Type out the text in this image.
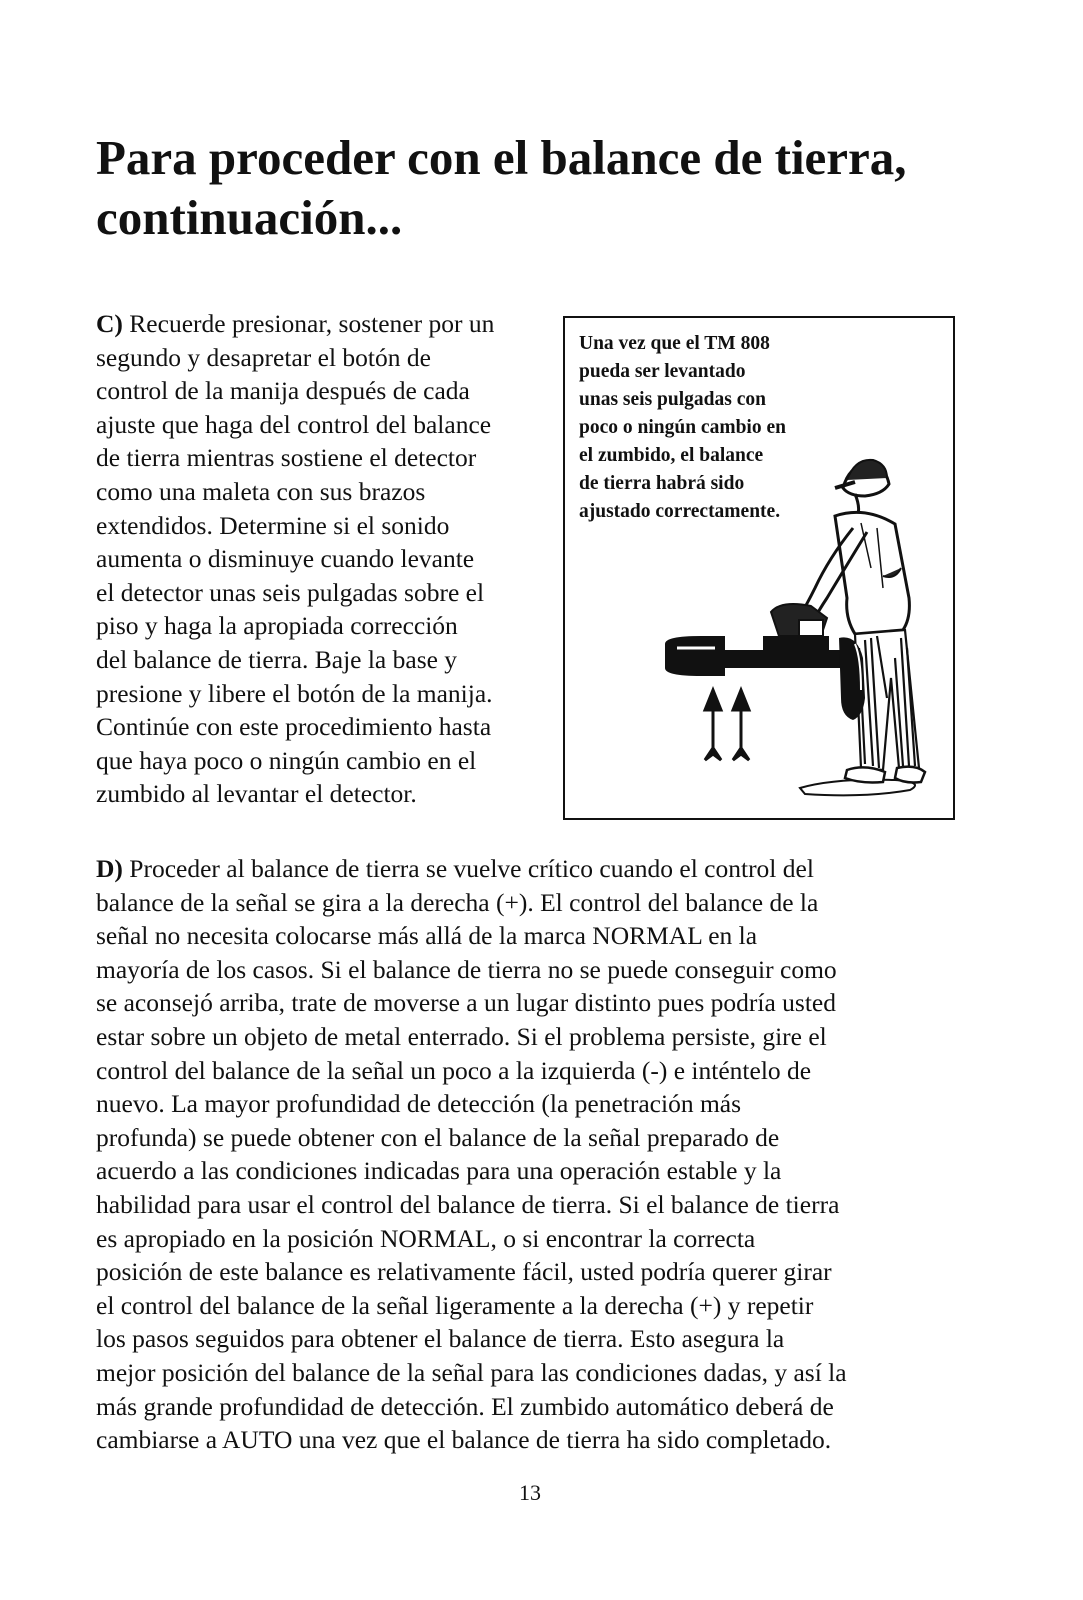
Para proceder con el balance de tierra,
continuación...
C) Recuerde presionar, sostener por un
segundo y desapretar el botón de
control de la manija después de cada
ajuste que haga del control del balance
de tierra mientras sostiene el detector
como una maleta con sus brazos
extendidos. Determine si el sonido
aumenta o disminuye cuando levante
el detector unas seis pulgadas sobre el
piso y haga la apropiada corrección
del balance de tierra. Baje la base y
presione y libere el botón de la manija.
Continúe con este procedimiento hasta
que haya poco o ningún cambio en el
zumbido al levantar el detector.
Una vez que el TM 808
pueda ser levantado
unas seis pulgadas con
poco o ningún cambio en
el zumbido, el balance
de tierra habrá sido
ajustado correctamente.
D) Proceder al balance de tierra se vuelve crítico cuando el control del
balance de la señal se gira a la derecha (+). El control del balance de la
señal no necesita colocarse más allá de la marca NORMAL en la
mayoría de los casos. Si el balance de tierra no se puede conseguir como
se aconsejó arriba, trate de moverse a un lugar distinto pues podría usted
estar sobre un objeto de metal enterrado. Si el problema persiste, gire el
control del balance de la señal un poco a la izquierda (-) e inténtelo de
nuevo. La mayor profundidad de detección (la penetración más
profunda) se puede obtener con el balance de la señal preparado de
acuerdo a las condiciones indicadas para una operación estable y la
habilidad para usar el control del balance de tierra. Si el balance de tierra
es apropiado en la posición NORMAL, o si encontrar la correcta
posición de este balance es relativamente fácil, usted podría querer girar
el control del balance de la señal ligeramente a la derecha (+) y repetir
los pasos seguidos para obtener el balance de tierra. Esto asegura la
mejor posición del balance de la señal para las condiciones dadas, y así la
más grande profundidad de detección. El zumbido automático deberá de
cambiarse a AUTO una vez que el balance de tierra ha sido completado.
13
